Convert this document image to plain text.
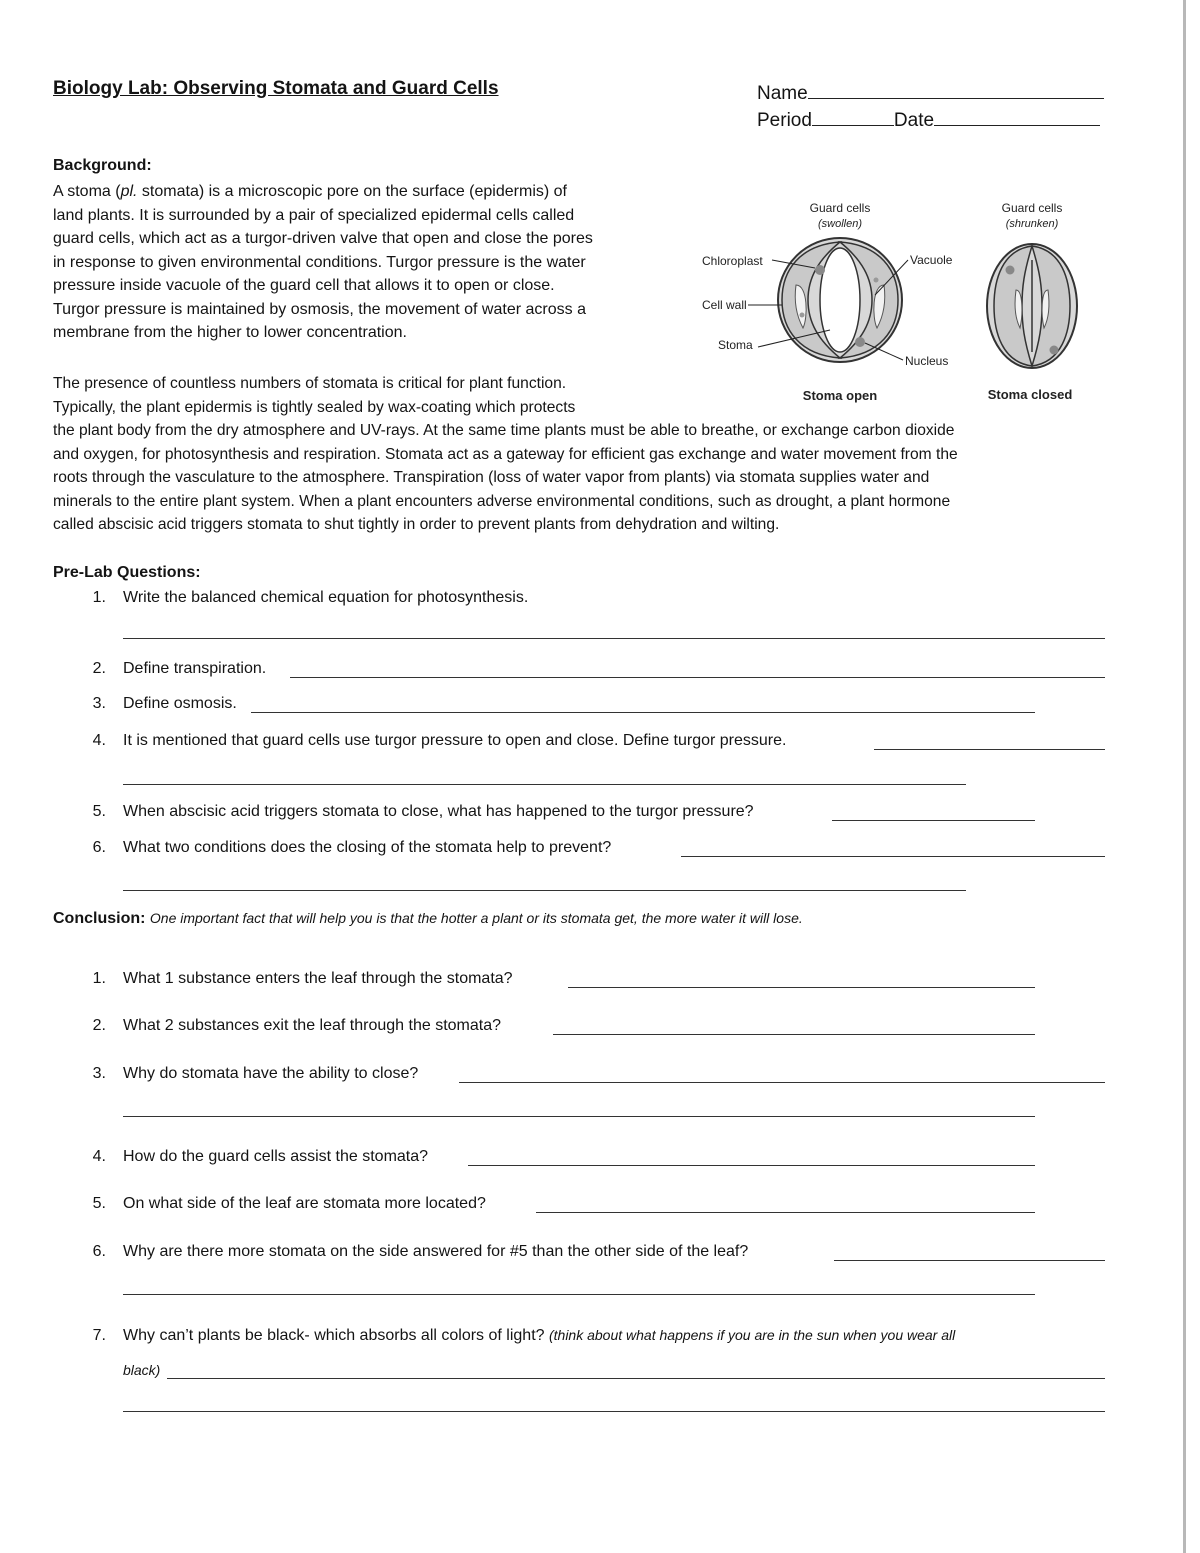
Biology Lab: Observing Stomata and Guard Cells	Name
Period	Date
Background:
A stoma (pl. stomata) is a microscopic pore on the surface (epidermis) of
land plants. It is surrounded by a pair of specialized epidermal cells called
guard cells, which act as a turgor-driven valve that open and close the pores
in response to given environmental conditions. Turgor pressure is the water
pressure inside vacuole of the guard cell that allows it to open or close.
Turgor pressure is maintained by osmosis, the movement of water across a
membrane from the higher to lower concentration.
The presence of countless numbers of stomata is critical for plant function.
Typically, the plant epidermis is tightly sealed by wax-coating which protects
the plant body from the dry atmosphere and UV-rays. At the same time plants must be able to breathe, or exchange carbon dioxide
and oxygen, for photosynthesis and respiration. Stomata act as a gateway for efficient gas exchange and water movement from the
roots through the vasculature to the atmosphere. Transpiration (loss of water vapor from plants) via stomata supplies water and
minerals to the entire plant system. When a plant encounters adverse environmental conditions, such as drought, a plant hormone
called abscisic acid triggers stomata to shut tightly in order to prevent plants from dehydration and wilting.
Guard cells
(swollen)
Guard cells
(shrunken)
Chloroplast
Cell wall
Stoma
Vacuole
Nucleus
Stoma open	Stoma closed
Pre-Lab Questions:
1. Write the balanced chemical equation for photosynthesis.
2. Define transpiration.
3. Define osmosis.
4. It is mentioned that guard cells use turgor pressure to open and close. Define turgor pressure.
5. When abscisic acid triggers stomata to close, what has happened to the turgor pressure?
6. What two conditions does the closing of the stomata help to prevent?
Conclusion: One important fact that will help you is that the hotter a plant or its stomata get, the more water it will lose.
1. What 1 substance enters the leaf through the stomata?
2. What 2 substances exit the leaf through the stomata?
3. Why do stomata have the ability to close?
4. How do the guard cells assist the stomata?
5. On what side of the leaf are stomata more located?
6. Why are there more stomata on the side answered for #5 than the other side of the leaf?
7. Why can’t plants be black- which absorbs all colors of light? (think about what happens if you are in the sun when you wear all
black)
